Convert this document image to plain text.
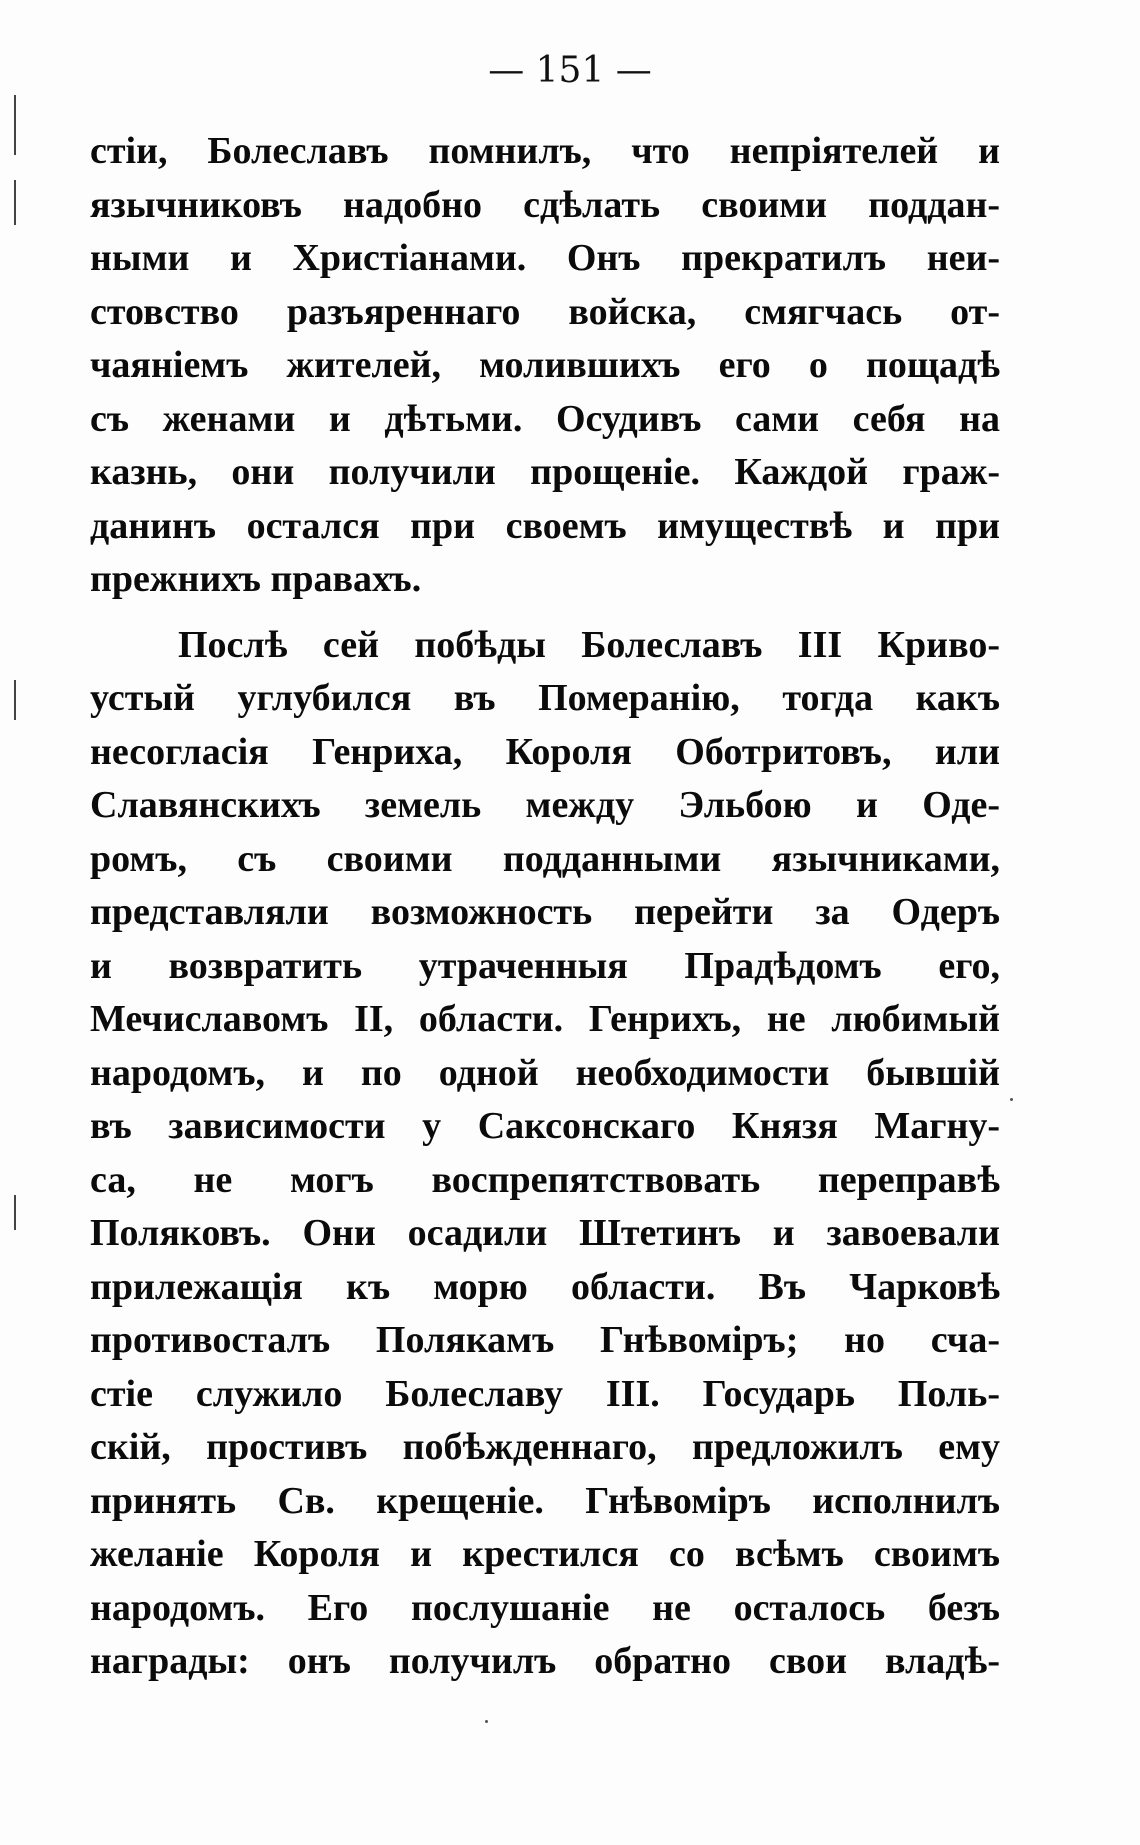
— 151 —
стіи, Болеславъ помнилъ, что непріятелей и
язычниковъ надобно сдѣлать своими поддан-
ными и Христіанами. Онъ прекратилъ неи-
стовство разъяреннаго войска, смягчась от-
чаяніемъ жителей, молившихъ его о пощадѣ
съ женами и дѣтьми. Осудивъ сами себя на
казнь, они получили прощеніе. Каждой граж-
данинъ остался при своемъ имуществѣ и при
прежнихъ правахъ.
Послѣ сей побѣды Болеславъ III Криво-
устый углубился въ Померанію, тогда какъ
несогласія Генриха, Короля Оботритовъ, или
Славянскихъ земель между Эльбою и Оде-
ромъ, съ своими подданными язычниками,
представляли возможность перейти за Одеръ
и возвратить утраченныя Прадѣдомъ его,
Мечиславомъ II, области. Генрихъ, не любимый
народомъ, и по одной необходимости бывшій
въ зависимости у Саксонскаго Князя Магну-
са, не могъ воспрепятствовать переправѣ
Поляковъ. Они осадили Штетинъ и завоевали
прилежащія къ морю области. Въ Чарковѣ
противосталъ Полякамъ Гнѣвоміръ; но сча-
стіе служило Болеславу III. Государь Поль-
скій, простивъ побѣжденнаго, предложилъ ему
принять Св. крещеніе. Гнѣвоміръ исполнилъ
желаніе Короля и крестился со всѣмъ своимъ
народомъ. Его послушаніе не осталось безъ
награды: онъ получилъ обратно свои владѣ-
